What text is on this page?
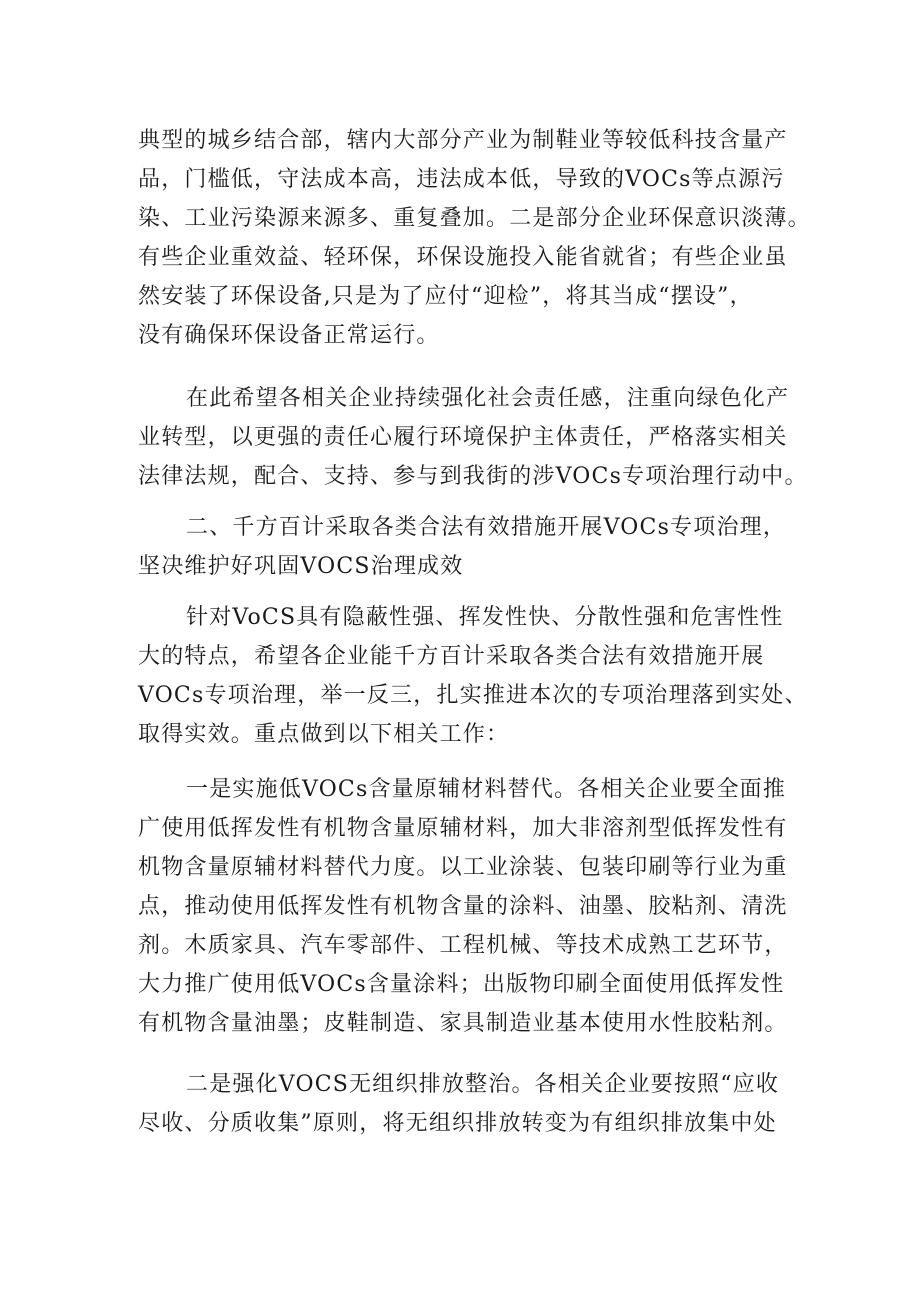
典型的城乡结合部，辖内大部分产业为制鞋业等较低科技含量产
品，门槛低，守法成本高，违法成本低，导致的VOCs等点源污
染、工业污染源来源多、重复叠加。二是部分企业环保意识淡薄。
有些企业重效益、轻环保，环保设施投入能省就省；有些企业虽
然安装了环保设备,只是为了应付“迎检”，将其当成“摆设”，
没有确保环保设备正常运行。
在此希望各相关企业持续强化社会责任感，注重向绿色化产
业转型，以更强的责任心履行环境保护主体责任，严格落实相关
法律法规，配合、支持、参与到我街的涉VOCs专项治理行动中。
二、千方百计采取各类合法有效措施开展VOCs专项治理，
坚决维护好巩固VOCS治理成效
针对VoCS具有隐蔽性强、挥发性快、分散性强和危害性性
大的特点，希望各企业能千方百计采取各类合法有效措施开展
VOCs专项治理，举一反三，扎实推进本次的专项治理落到实处、
取得实效。重点做到以下相关工作：
一是实施低VOCs含量原辅材料替代。各相关企业要全面推
广使用低挥发性有机物含量原辅材料，加大非溶剂型低挥发性有
机物含量原辅材料替代力度。以工业涂装、包装印刷等行业为重
点，推动使用低挥发性有机物含量的涂料、油墨、胶粘剂、清洗
剂。木质家具、汽车零部件、工程机械、等技术成熟工艺环节，
大力推广使用低VOCs含量涂料；出版物印刷全面使用低挥发性
有机物含量油墨；皮鞋制造、家具制造业基本使用水性胶粘剂。
二是强化VOCS无组织排放整治。各相关企业要按照“应收
尽收、分质收集”原则，将无组织排放转变为有组织排放集中处
